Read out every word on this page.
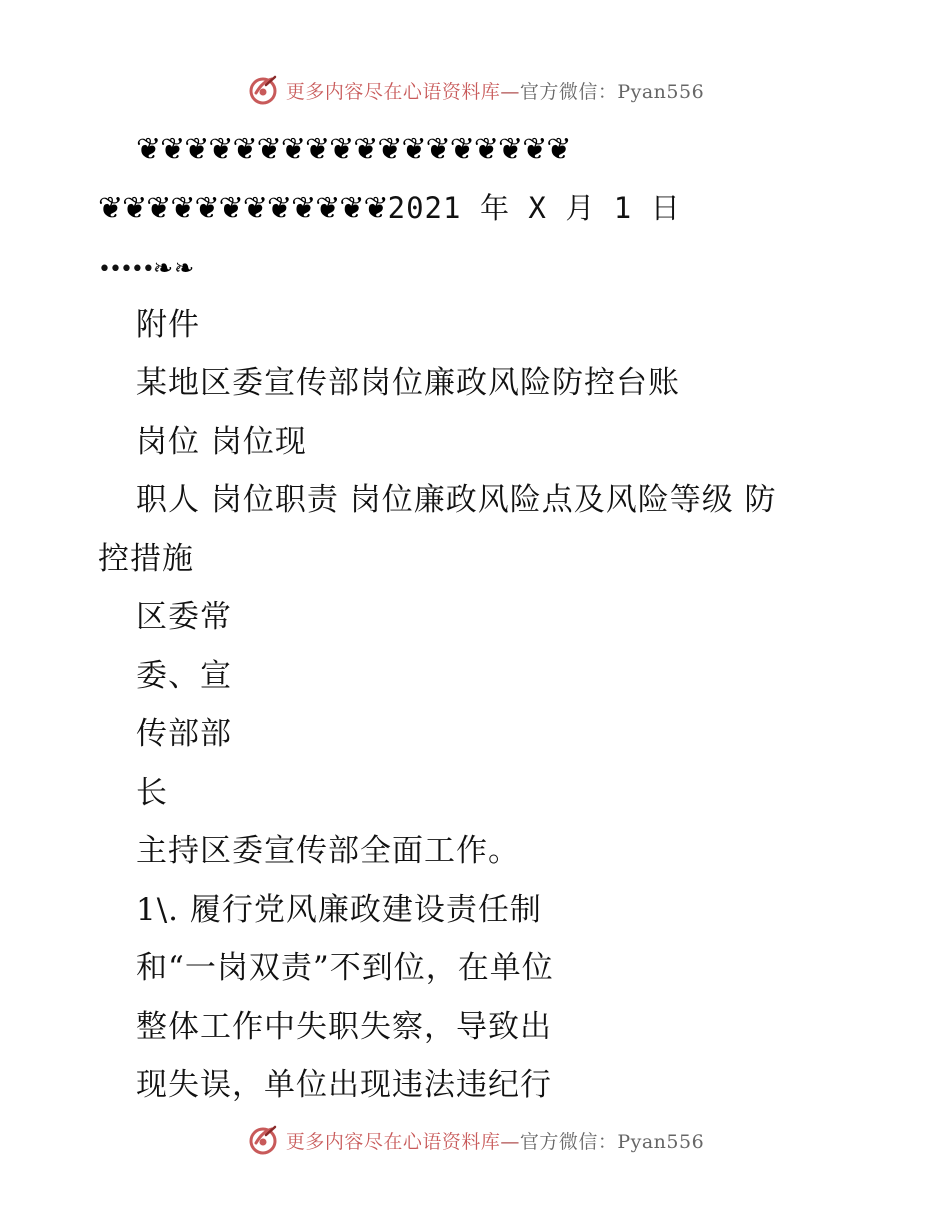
更多内容尽在心语资料库—官方微信：Pyan556
❦❦❦❦❦❦❦❦❦❦❦❦❦❦❦❦❦❦
❦❦❦❦❦❦❦❦❦❦❦❦2021 年 X 月 1 日
•••••❧❧
附件
某地区委宣传部岗位廉政风险防控台账
岗位 岗位现
职人 岗位职责 岗位廉政风险点及风险等级 防
控措施
区委常
委、宣
传部部
长
主持区委宣传部全面工作。
1\. 履行党风廉政建设责任制
和“一岗双责”不到位，在单位
整体工作中失职失察，导致出
现失误，单位出现违法违纪行
更多内容尽在心语资料库—官方微信：Pyan556
